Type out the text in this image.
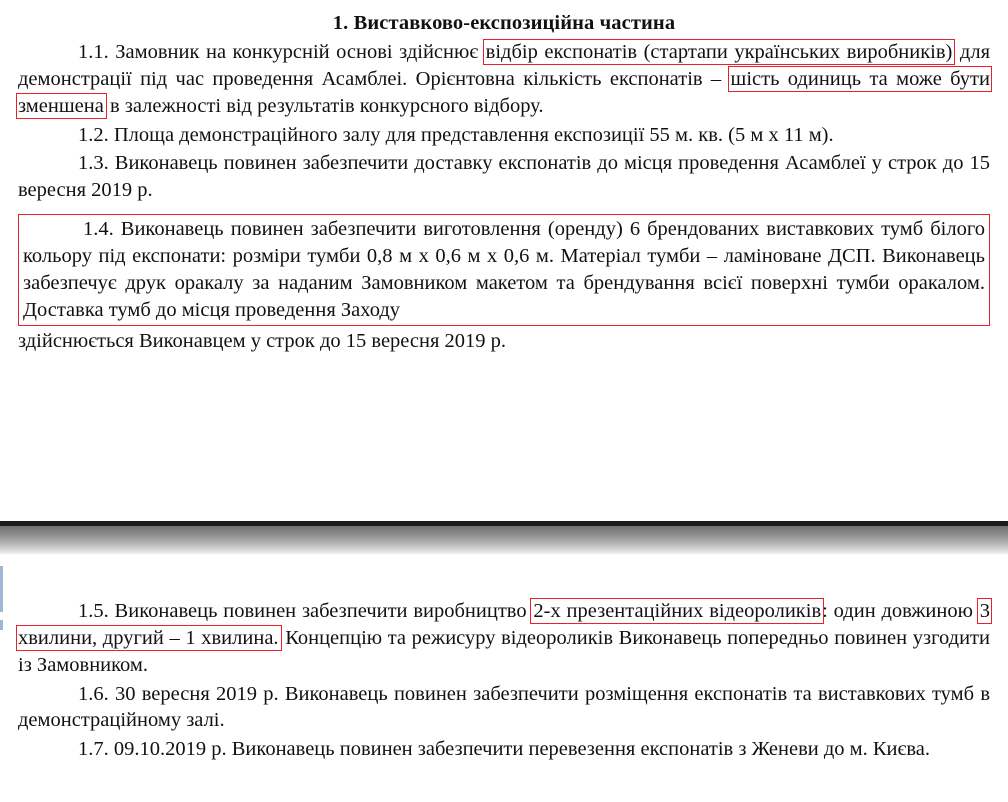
1. Виставково-експозиційна частина

1.1. Замовник на конкурсній основі здійснює відбір експонатів (стартапи українських виробників) для демонстрації під час проведення Асамблеі. Орієнтовна кількість експонатів – шість одиниць та може бути зменшена в залежності від результатів конкурсного відбору.

1.2. Площа демонстраційного залу для представлення експозиції 55 м. кв. (5 м х 11 м).

1.3. Виконавець повинен забезпечити доставку експонатів до місця проведення Асамблеї у строк до 15 вересня 2019 р.

1.4. Виконавець повинен забезпечити виготовлення (оренду) 6 брендованих виставкових тумб білого кольору під експонати: розміри тумби 0,8 м х 0,6 м х 0,6 м. Матеріал тумби – ламіноване ДСП. Виконавець забезпечує друк оракалу за наданим Замовником макетом та брендування всієї поверхні тумби оракалом. Доставка тумб до місця проведення Заходу

здійснюється Виконавцем у строк до 15 вересня 2019 р.

1.5. Виконавець повинен забезпечити виробництво 2-х презентаційних відеороликів: один довжиною 3 хвилини, другий – 1 хвилина. Концепцію та режисуру відеороликів Виконавець попередньо повинен узгодити із Замовником.

1.6. 30 вересня 2019 р. Виконавець повинен забезпечити розміщення експонатів та виставкових тумб в демонстраційному залі.

1.7. 09.10.2019 р. Виконавець повинен забезпечити перевезення експонатів з Женеви до м. Києва.
